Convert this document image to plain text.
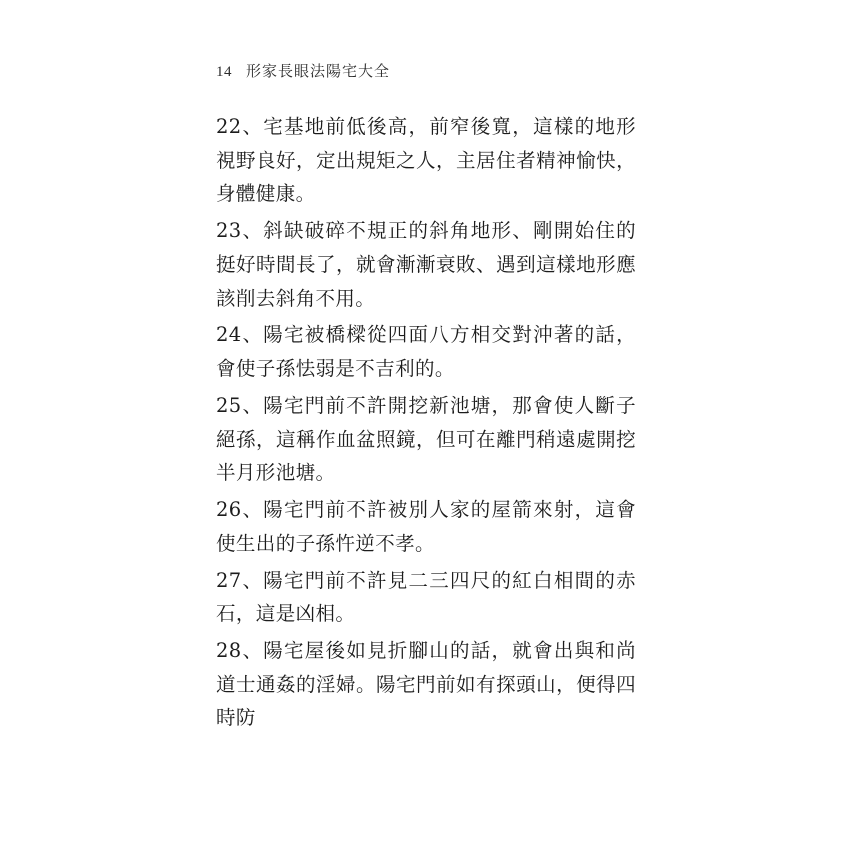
14 形家長眼法陽宅大全

22、宅基地前低後高，前窄後寬，這樣的地形視野良好，定出規矩之人，主居住者精神愉快，身體健康。

23、斜缺破碎不規正的斜角地形、剛開始住的挺好時間長了，就會漸漸衰敗、遇到這樣地形應該削去斜角不用。

24、陽宅被橋樑從四面八方相交對沖著的話，會使子孫怯弱是不吉利的。

25、陽宅門前不許開挖新池塘，那會使人斷子絕孫，這稱作血盆照鏡，但可在離門稍遠處開挖半月形池塘。

26、陽宅門前不許被別人家的屋箭來射，這會使生出的子孫忤逆不孝。

27、陽宅門前不許見二三四尺的紅白相間的赤石，這是凶相。

28、陽宅屋後如見折腳山的話，就會出與和尚道士通姦的淫婦。陽宅門前如有探頭山，便得四時防
